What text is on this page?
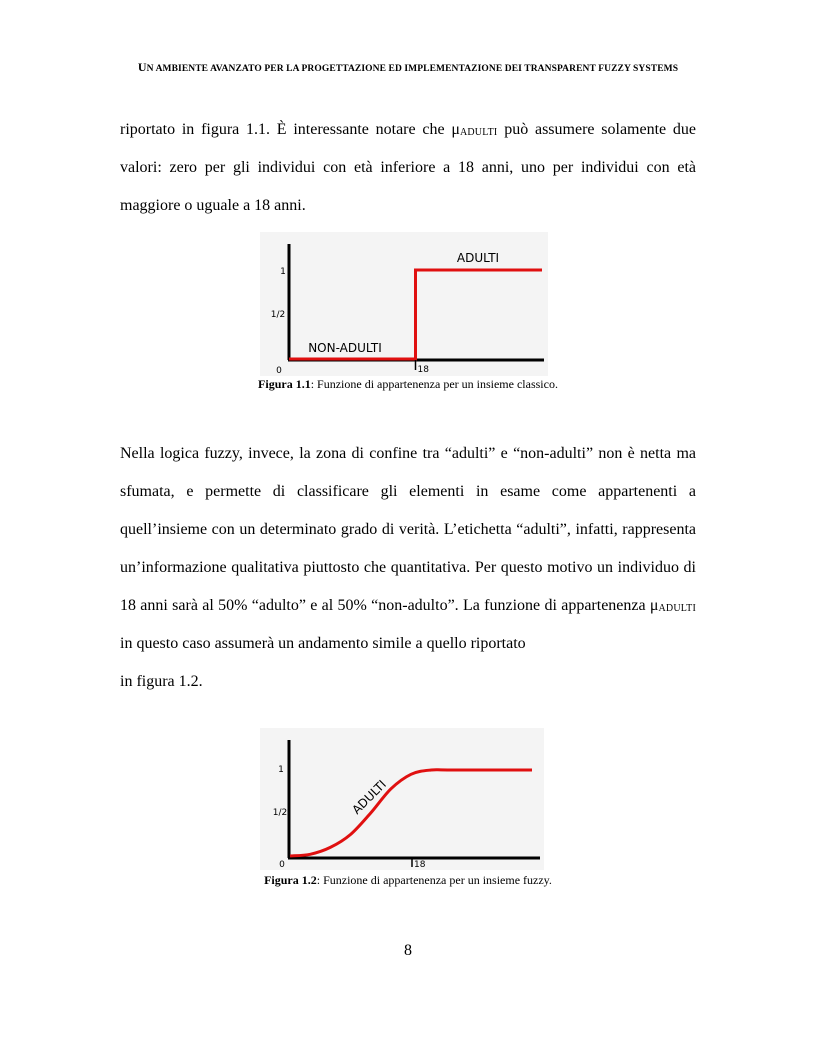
UN AMBIENTE AVANZATO PER LA PROGETTAZIONE ED IMPLEMENTAZIONE DEI TRANSPARENT FUZZY SYSTEMS
riportato in figura 1.1. È interessante notare che μADULTI può assumere solamente due
valori: zero per gli individui con età inferiore a 18 anni, uno per individui con età
maggiore o uguale a 18 anni.
0
1/2
1
18
ADULTI
NON-ADULTI
Figura 1.1: Funzione di appartenenza per un insieme classico.
Nella logica fuzzy, invece, la zona di confine tra “adulti” e “non-adulti” non è netta ma
sfumata, e permette di classificare gli elementi in esame come appartenenti a
quell’insieme con un determinato grado di verità. L’etichetta “adulti”, infatti, rappresenta
un’informazione qualitativa piuttosto che quantitativa. Per questo motivo un individuo di
18 anni sarà al 50% “adulto” e al 50% “non-adulto”. La funzione di appartenenza μADULTI
in questo caso assumerà un andamento simile a quello riportato
in figura 1.2.
0
1/2
1
18
ADULTI
Figura 1.2: Funzione di appartenenza per un insieme fuzzy.
8
